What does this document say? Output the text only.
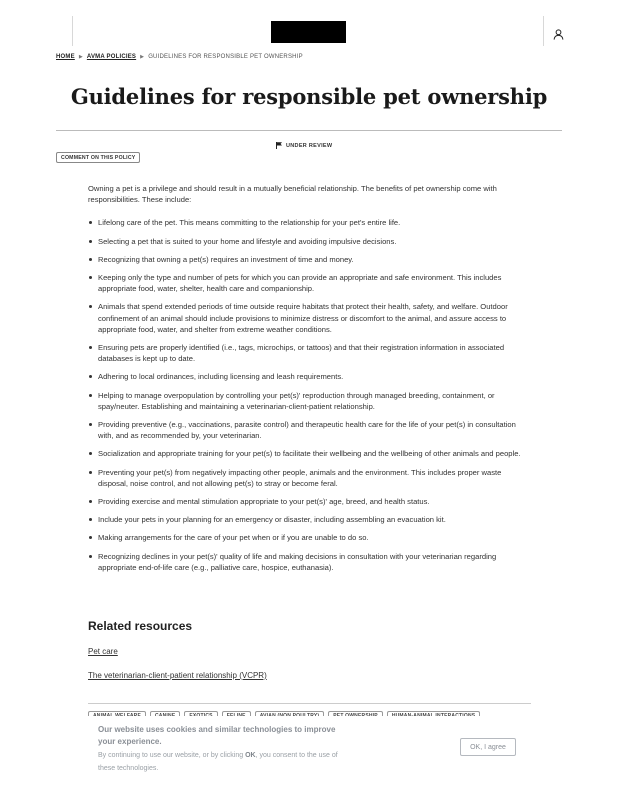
HOME ▶ AVMA POLICIES ▶ GUIDELINES FOR RESPONSIBLE PET OWNERSHIP
Guidelines for responsible pet ownership
UNDER REVIEW
COMMENT ON THIS POLICY

Owning a pet is a privilege and should result in a mutually beneficial relationship. The benefits of pet ownership come with responsibilities. These include:

Lifelong care of the pet. This means committing to the relationship for your pet's entire life.
Selecting a pet that is suited to your home and lifestyle and avoiding impulsive decisions.
Recognizing that owning a pet(s) requires an investment of time and money.
Keeping only the type and number of pets for which you can provide an appropriate and safe environment. This includes appropriate food, water, shelter, health care and companionship.
Animals that spend extended periods of time outside require habitats that protect their health, safety, and welfare. Outdoor confinement of an animal should include provisions to minimize distress or discomfort to the animal, and assure access to appropriate food, water, and shelter from extreme weather conditions.
Ensuring pets are properly identified (i.e., tags, microchips, or tattoos) and that their registration information in associated databases is kept up to date.
Adhering to local ordinances, including licensing and leash requirements.
Helping to manage overpopulation by controlling your pet(s)' reproduction through managed breeding, containment, or spay/neuter. Establishing and maintaining a veterinarian-client-patient relationship.
Providing preventive (e.g., vaccinations, parasite control) and therapeutic health care for the life of your pet(s) in consultation with, and as recommended by, your veterinarian.
Socialization and appropriate training for your pet(s) to facilitate their wellbeing and the wellbeing of other animals and people.
Preventing your pet(s) from negatively impacting other people, animals and the environment. This includes proper waste disposal, noise control, and not allowing pet(s) to stray or become feral.
Providing exercise and mental stimulation appropriate to your pet(s)' age, breed, and health status.
Include your pets in your planning for an emergency or disaster, including assembling an evacuation kit.
Making arrangements for the care of your pet when or if you are unable to do so.
Recognizing declines in your pet(s)' quality of life and making decisions in consultation with your veterinarian regarding appropriate end-of-life care (e.g., palliative care, hospice, euthanasia).
Related resources
Pet care
The veterinarian-client-patient relationship (VCPR)
Our website uses cookies and similar technologies to improve your experience.
By continuing to use our website, or by clicking OK, you consent to the use of these technologies.
OK, I agree
